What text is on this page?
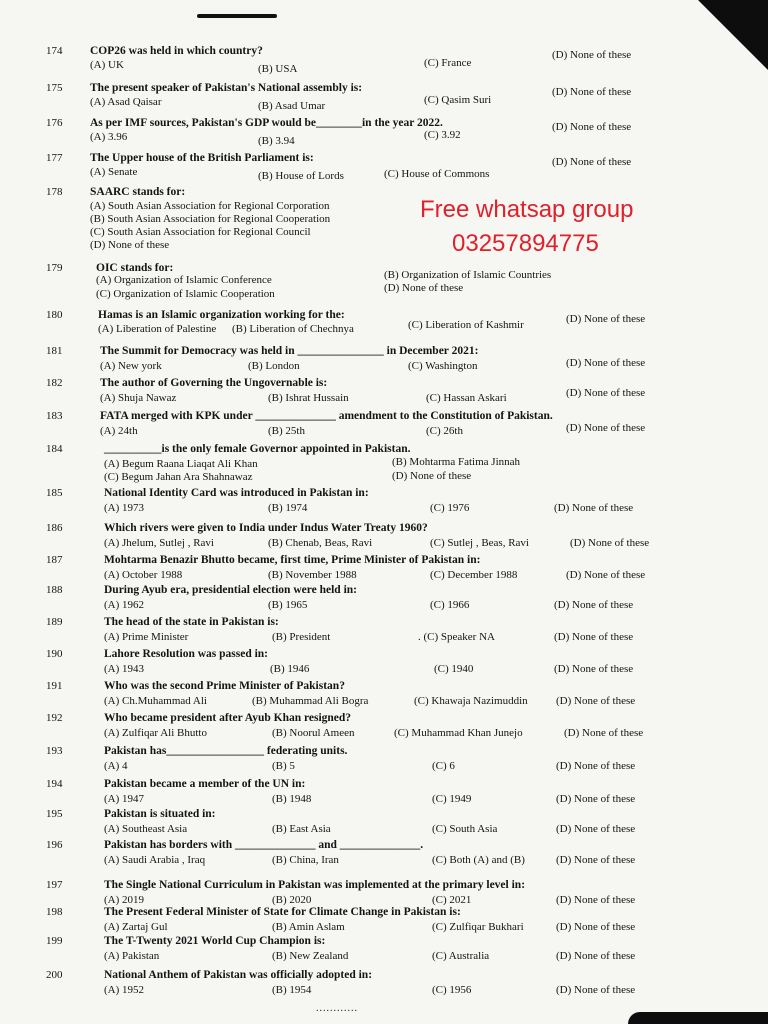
174 COP26 was held in which country?
(A) UK	(B) USA	(C) France
(D) None of these
175 The present speaker of Pakistan's National assembly is:
(A) Asad Qaisar	(B) Asad Umar	(C) Qasim Suri
(D) None of these
176 As per IMF sources, Pakistan's GDP would be________in the year 2022.
(A) 3.96	(B) 3.94	(C) 3.92
(D) None of these
177 The Upper house of the British Parliament is:
(A) Senate	(B) House of Lords	(C) House of Commons
(D) None of these
178 SAARC stands for:
(A) South Asian Association for Regional Corporation
(B) South Asian Association for Regional Cooperation
(C) South Asian Association for Regional Council
(D) None of these
179	OIC stands for:
(A) Organization of Islamic Conference	(B) Organization of Islamic Countries
(C) Organization of Islamic Cooperation	(D) None of these
180	Hamas is an Islamic organization working for the:
(A) Liberation of Palestine (B) Liberation of Chechnya	(C) Liberation of Kashmir	(D) None of these
181	The Summit for Democracy was held in _______________ in December 2021:
(A) New york	(B) London	(C) Washington	(D) None of these
182	The author of Governing the Ungovernable is:
(A) Shuja Nawaz	(B) Ishrat Hussain	(C) Hassan Askari	(D) None of these
183	FATA merged with KPK under ______________ amendment to the Constitution of Pakistan.
(A) 24th	(B) 25th	(C) 26th	(D) None of these
184	__________is the only female Governor appointed in Pakistan.
(A) Begum Raana Liaqat Ali Khan	(B) Mohtarma Fatima Jinnah
(C) Begum Jahan Ara Shahnawaz	(D) None of these
185	National Identity Card was introduced in Pakistan in:
(A) 1973	(B) 1974	(C) 1976	(D) None of these
186	Which rivers were given to India under Indus Water Treaty 1960?
(A) Jhelum, Sutlej , Ravi	(B) Chenab, Beas, Ravi	(C) Sutlej , Beas, Ravi	(D) None of these
187	Mohtarma Benazir Bhutto became, first time, Prime Minister of Pakistan in:
(A) October 1988	(B) November 1988	(C) December 1988	(D) None of these
188	During Ayub era, presidential election were held in:
(A) 1962	(B) 1965	(C) 1966	(D) None of these
189	The head of the state in Pakistan is:
(A) Prime Minister	(B) President	. (C) Speaker NA	(D) None of these
190	Lahore Resolution was passed in:
(A) 1943	(B) 1946	(C) 1940	(D) None of these
191	Who was the second Prime Minister of Pakistan?
(A) Ch.Muhammad Ali	(B) Muhammad Ali Bogra	(C) Khawaja Nazimuddin	(D) None of these
192	Who became president after Ayub Khan resigned?
(A) Zulfiqar Ali Bhutto	(B) Noorul Ameen	(C) Muhammad Khan Junejo	(D) None of these
193	Pakistan has_________________ federating units.
(A) 4	(B) 5	(C) 6	(D) None of these
194	Pakistan became a member of the UN in:
(A) 1947	(B) 1948	(C) 1949	(D) None of these
195	Pakistan is situated in:
(A) Southeast Asia	(B) East Asia	(C) South Asia	(D) None of these
196	Pakistan has borders with ______________ and ______________.
(A) Saudi Arabia , Iraq	(B) China, Iran	(C) Both (A) and (B)	(D) None of these
197	The Single National Curriculum in Pakistan was implemented at the primary level in:
(A) 2019	(B) 2020	(C) 2021	(D) None of these
198	The Present Federal Minister of State for Climate Change in Pakistan is:
(A) Zartaj Gul	(B) Amin Aslam	(C) Zulfiqar Bukhari	(D) None of these
199	The T-Twenty 2021 World Cup Champion is:
(A) Pakistan	(B) New Zealand	(C) Australia	(D) None of these
200	National Anthem of Pakistan was officially adopted in:
(A) 1952	(B) 1954	(C) 1956	(D) None of these
Free whatsap group
03257894775
............
